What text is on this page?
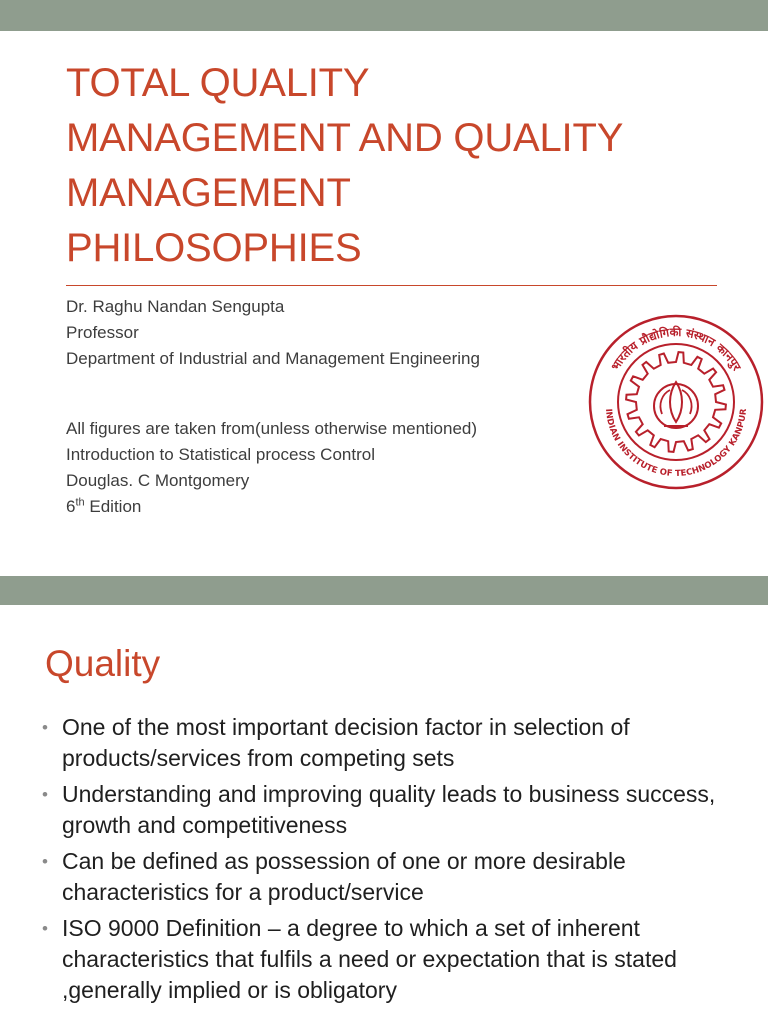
TOTAL QUALITY
MANAGEMENT AND QUALITY
MANAGEMENT
PHILOSOPHIES
Dr. Raghu Nandan Sengupta
Professor
Department of Industrial and Management Engineering
All figures are taken from(unless otherwise mentioned)
Introduction to Statistical process Control
Douglas. C Montgomery
6th Edition
भारतीय प्रौद्योगिकी संस्थान कानपुर
INDIAN INSTITUTE OF TECHNOLOGY KANPUR
Quality
• One of the most important decision factor in selection of products/services from competing sets
• Understanding and improving quality leads to business success, growth and competitiveness
• Can be defined as possession of one or more desirable characteristics for a product/service
• ISO 9000 Definition – a degree to which a set of inherent characteristics that fulfils a need or expectation that is stated ,generally implied or is obligatory
